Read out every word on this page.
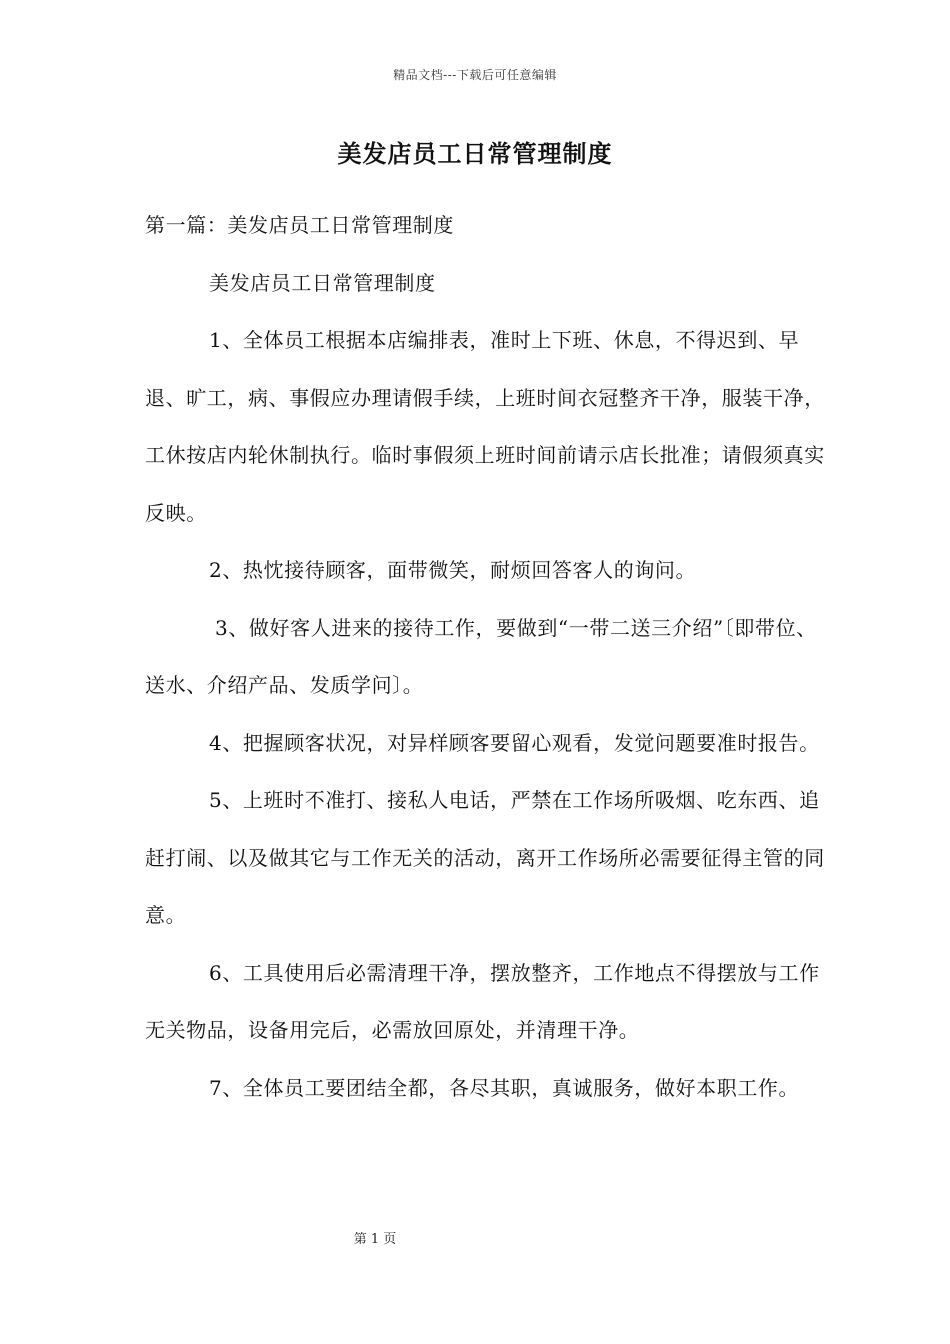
精品文档---下载后可任意编辑
美发店员工日常管理制度

第一篇：美发店员工日常管理制度

美发店员工日常管理制度

1、全体员工根据本店编排表，准时上下班、休息，不得迟到、早退、旷工，病、事假应办理请假手续，上班时间衣冠整齐干净，服装干净，工休按店内轮休制执行。临时事假须上班时间前请示店长批准；请假须真实反映。

2、热忱接待顾客，面带微笑，耐烦回答客人的询问。

3、做好客人进来的接待工作，要做到“一带二送三介绍”〔即带位、送水、介绍产品、发质学问〕。

4、把握顾客状况，对异样顾客要留心观看，发觉问题要准时报告。

5、上班时不准打、接私人电话，严禁在工作场所吸烟、吃东西、追赶打闹、以及做其它与工作无关的活动，离开工作场所必需要征得主管的同意。

6、工具使用后必需清理干净，摆放整齐，工作地点不得摆放与工作无关物品，设备用完后，必需放回原处，并清理干净。

7、全体员工要团结全都，各尽其职，真诚服务，做好本职工作。

第 1 页
